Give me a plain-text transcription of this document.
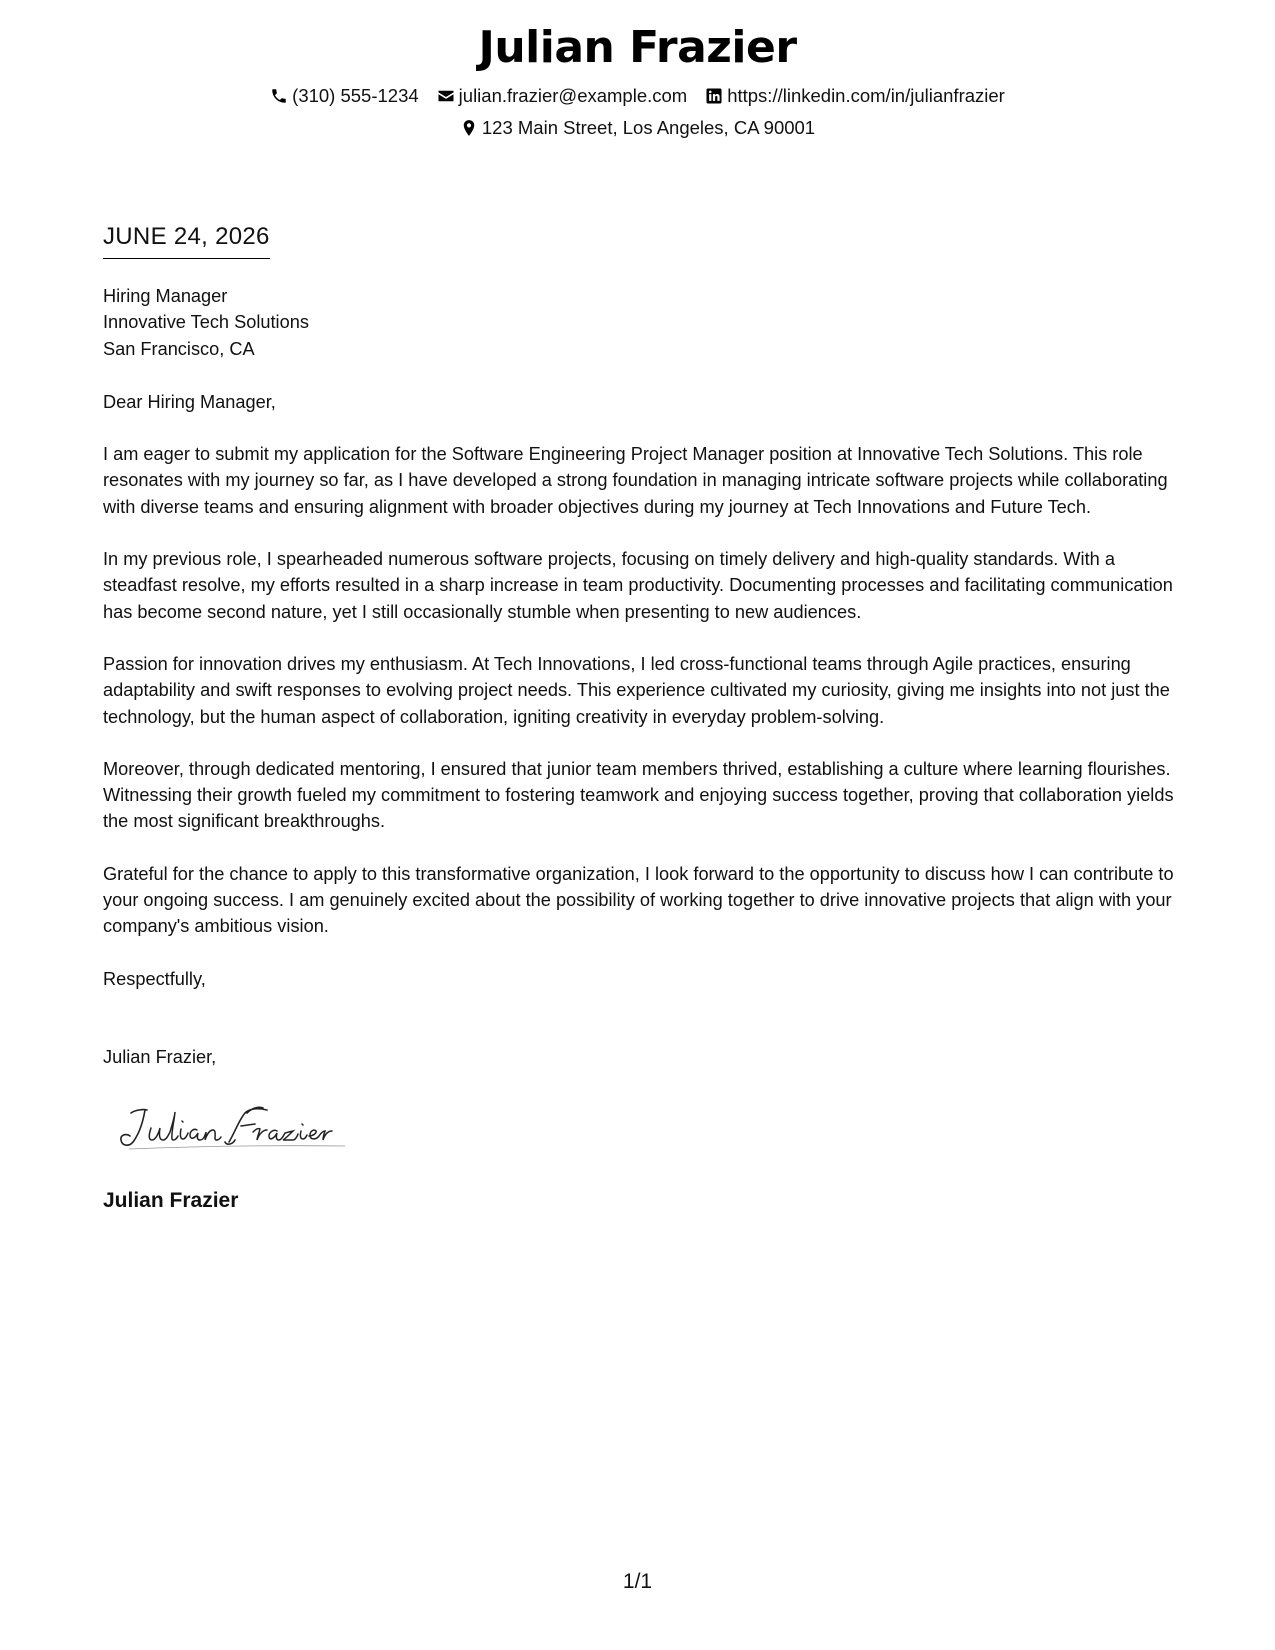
Julian Frazier
(310) 555-1234 julian.frazier@example.com https://linkedin.com/in/julianfrazier
123 Main Street, Los Angeles, CA 90001
JUNE 24, 2026
Hiring Manager
Innovative Tech Solutions
San Francisco, CA
Dear Hiring Manager,

I am eager to submit my application for the Software Engineering Project Manager position at Innovative Tech Solutions. This role resonates with my journey so far, as I have developed a strong foundation in managing intricate software projects while collaborating with diverse teams and ensuring alignment with broader objectives during my journey at Tech Innovations and Future Tech.

In my previous role, I spearheaded numerous software projects, focusing on timely delivery and high-quality standards. With a steadfast resolve, my efforts resulted in a sharp increase in team productivity. Documenting processes and facilitating communication has become second nature, yet I still occasionally stumble when presenting to new audiences.

Passion for innovation drives my enthusiasm. At Tech Innovations, I led cross-functional teams through Agile practices, ensuring adaptability and swift responses to evolving project needs. This experience cultivated my curiosity, giving me insights into not just the technology, but the human aspect of collaboration, igniting creativity in everyday problem-solving.

Moreover, through dedicated mentoring, I ensured that junior team members thrived, establishing a culture where learning flourishes. Witnessing their growth fueled my commitment to fostering teamwork and enjoying success together, proving that collaboration yields the most significant breakthroughs.

Grateful for the chance to apply to this transformative organization, I look forward to the opportunity to discuss how I can contribute to your ongoing success. I am genuinely excited about the possibility of working together to drive innovative projects that align with your company's ambitious vision.

Respectfully,
Julian Frazier,
Julian Frazier
1/1
